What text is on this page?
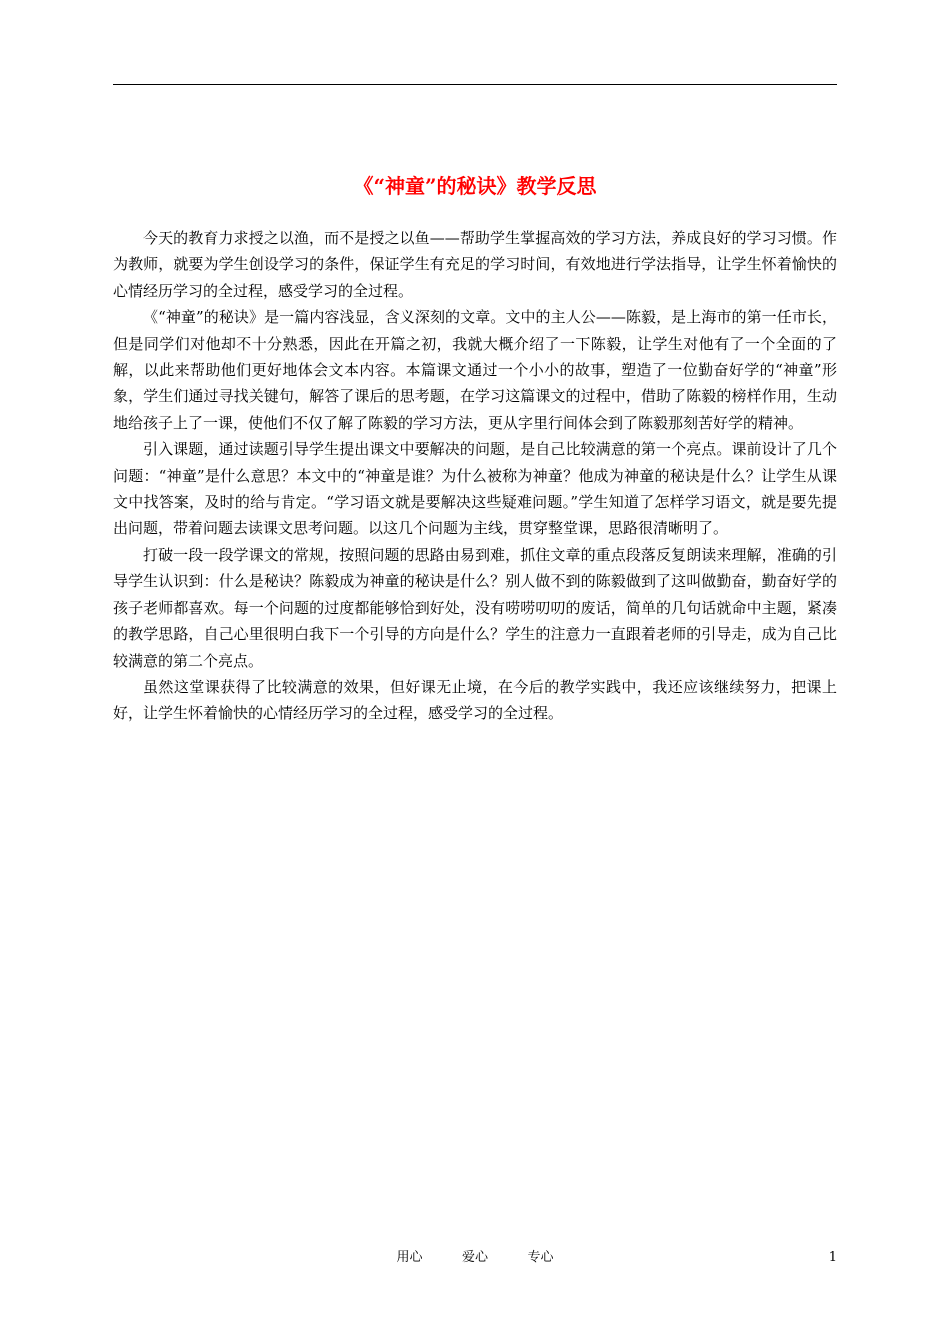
《“神童”的秘诀》教学反思

今天的教育力求授之以渔，而不是授之以鱼——帮助学生掌握高效的学习方法，养成良好的学习习惯。作为教师，就要为学生创设学习的条件，保证学生有充足的学习时间，有效地进行学法指导，让学生怀着愉快的心情经历学习的全过程，感受学习的全过程。

《“神童”的秘诀》是一篇内容浅显，含义深刻的文章。文中的主人公——陈毅，是上海市的第一任市长，但是同学们对他却不十分熟悉，因此在开篇之初，我就大概介绍了一下陈毅，让学生对他有了一个全面的了解，以此来帮助他们更好地体会文本内容。本篇课文通过一个小小的故事，塑造了一位勤奋好学的“神童”形象，学生们通过寻找关键句，解答了课后的思考题，在学习这篇课文的过程中，借助了陈毅的榜样作用，生动地给孩子上了一课，使他们不仅了解了陈毅的学习方法，更从字里行间体会到了陈毅那刻苦好学的精神。

引入课题，通过读题引导学生提出课文中要解决的问题，是自己比较满意的第一个亮点。课前设计了几个问题：“神童”是什么意思？本文中的“神童是谁？为什么被称为神童？他成为神童的秘诀是什么？让学生从课文中找答案，及时的给与肯定。“学习语文就是要解决这些疑难问题。”学生知道了怎样学习语文，就是要先提出问题，带着问题去读课文思考问题。以这几个问题为主线，贯穿整堂课，思路很清晰明了。

打破一段一段学课文的常规，按照问题的思路由易到难，抓住文章的重点段落反复朗读来理解，准确的引导学生认识到：什么是秘诀？陈毅成为神童的秘诀是什么？别人做不到的陈毅做到了这叫做勤奋，勤奋好学的孩子老师都喜欢。每一个问题的过度都能够恰到好处，没有唠唠叨叨的废话，简单的几句话就命中主题，紧凑的教学思路，自己心里很明白我下一个引导的方向是什么？学生的注意力一直跟着老师的引导走，成为自己比较满意的第二个亮点。

虽然这堂课获得了比较满意的效果，但好课无止境，在今后的教学实践中，我还应该继续努力，把课上好，让学生怀着愉快的心情经历学习的全过程，感受学习的全过程。

用心  爱心  专心	1
